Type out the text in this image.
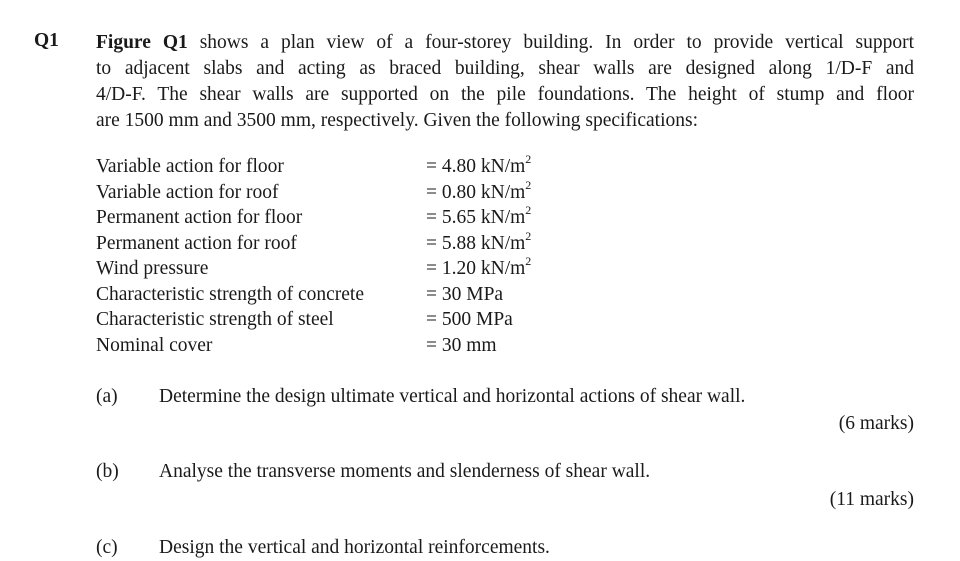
Q1 Figure Q1 shows a plan view of a four-storey building. In order to provide vertical support
to adjacent slabs and acting as braced building, shear walls are designed along 1/D-F and
4/D-F. The shear walls are supported on the pile foundations. The height of stump and floor
are 1500 mm and 3500 mm, respectively. Given the following specifications:
Variable action for floor	= 4.80 $kN/m^2$
Variable action for roof	= 0.80 $kN/m^2$
Permanent action for floor	= 5.65 $kN/m^2$
Permanent action for roof	= 5.88 $kN/m^2$
Wind pressure	= 1.20 $kN/m^2$
Characteristic strength of concrete	= 30 MPa
Characteristic strength of steel	= 500 MPa
Nominal cover	= 30 mm
(a) Determine the design ultimate vertical and horizontal actions of shear wall.
(6 marks)
(b) Analyse the transverse moments and slenderness of shear wall.
(11 marks)
(c) Design the vertical and horizontal reinforcements.
